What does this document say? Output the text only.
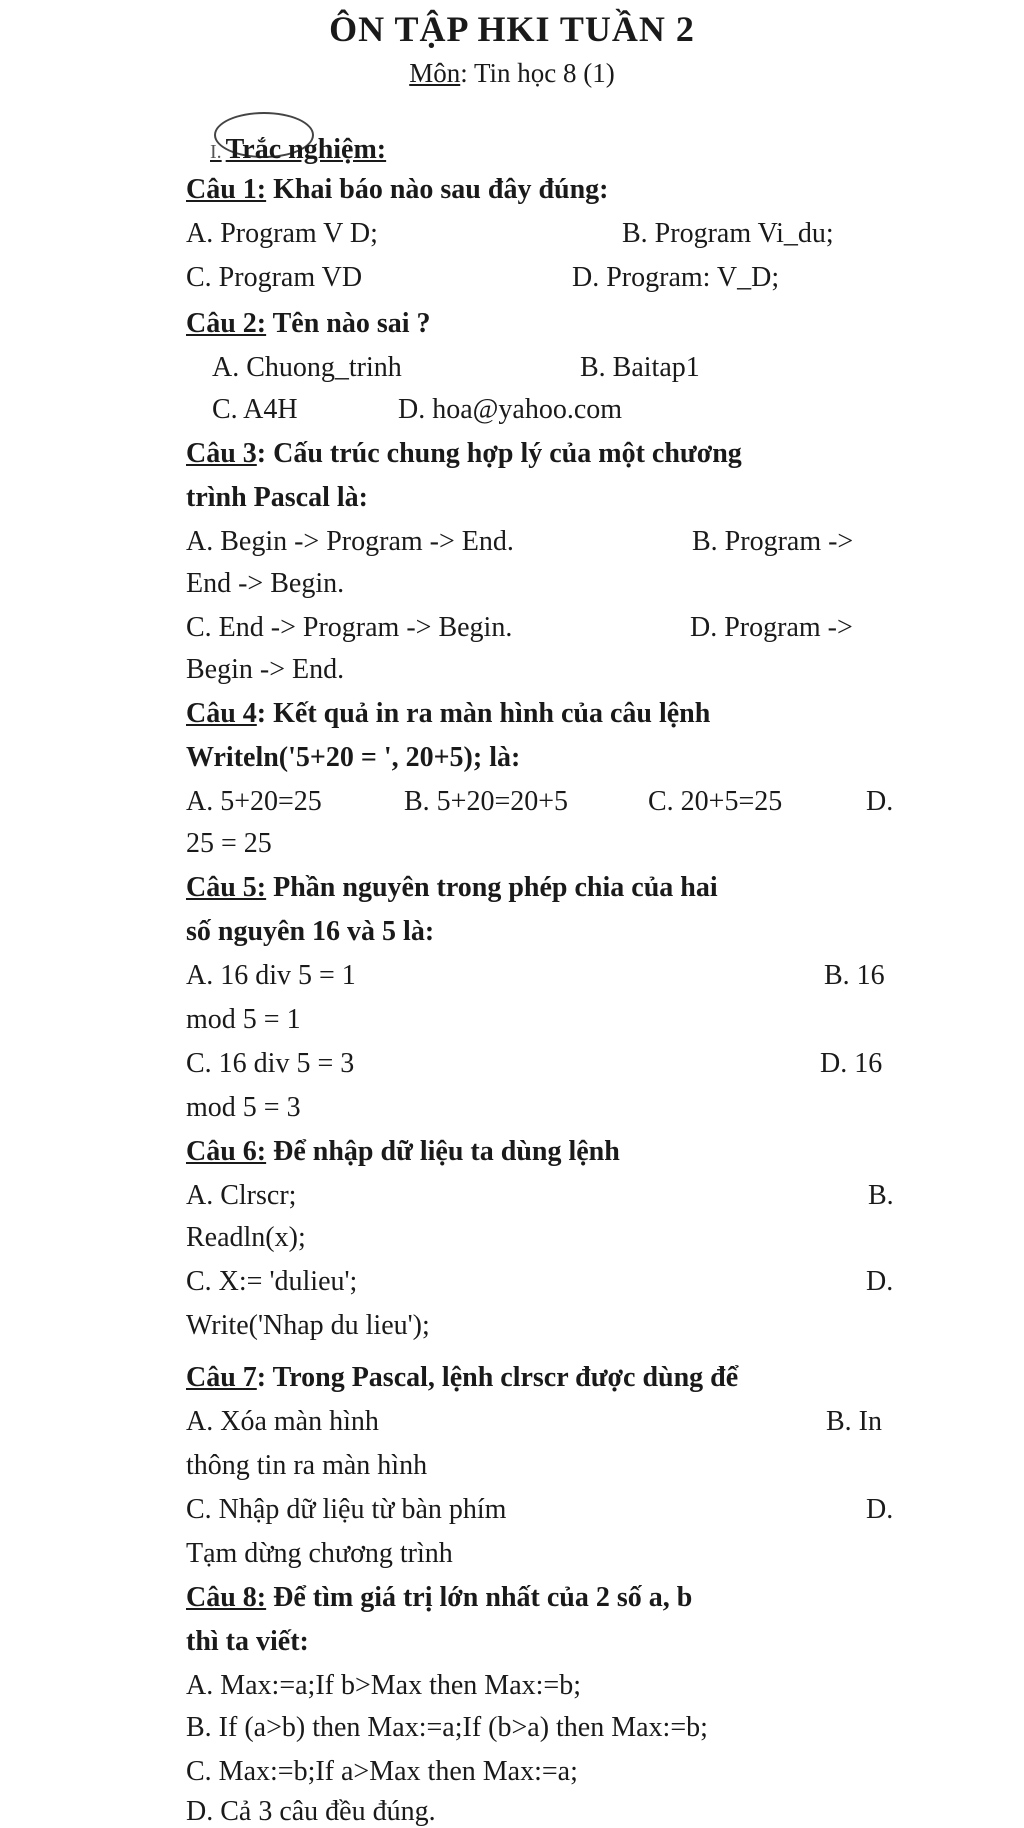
ÔN TẬP HKI TUẦN 2
Môn: Tin học 8 (1)
I. Trắc nghiệm:
Câu 1: Khai báo nào sau đây đúng:
A. Program V D;	B. Program Vi_du;
C. Program VD	D. Program: V_D;
Câu 2: Tên nào sai ?
A. Chuong_trinh	B. Baitap1
C. A4H	D. hoa@yahoo.com
Câu 3: Cấu trúc chung hợp lý của một chương
trình Pascal là:
A. Begin -> Program -> End.	B. Program ->
End -> Begin.
C. End -> Program -> Begin.	D. Program ->
Begin -> End.
Câu 4: Kết quả in ra màn hình của câu lệnh
Writeln('5+20 = ', 20+5); là:
A. 5+20=25	B. 5+20=20+5	C. 20+5=25	D.
25 = 25
Câu 5: Phần nguyên trong phép chia của hai
số nguyên 16 và 5 là:
A. 16 div 5 = 1	B. 16
mod 5 = 1
C. 16 div 5 = 3	D. 16
mod 5 = 3
Câu 6: Để nhập dữ liệu ta dùng lệnh
A. Clrscr;	B.
Readln(x);
C. X:= 'dulieu';	D.
Write('Nhap du lieu');
Câu 7: Trong Pascal, lệnh clrscr được dùng để
A. Xóa màn hình	B. In
thông tin ra màn hình
C. Nhập dữ liệu từ bàn phím	D.
Tạm dừng chương trình
Câu 8: Để tìm giá trị lớn nhất của 2 số a, b
thì ta viết:
A. Max:=a;If b>Max then Max:=b;
B. If (a>b) then Max:=a;If (b>a) then Max:=b;
C. Max:=b;If a>Max then Max:=a;
D. Cả 3 câu đều đúng.
